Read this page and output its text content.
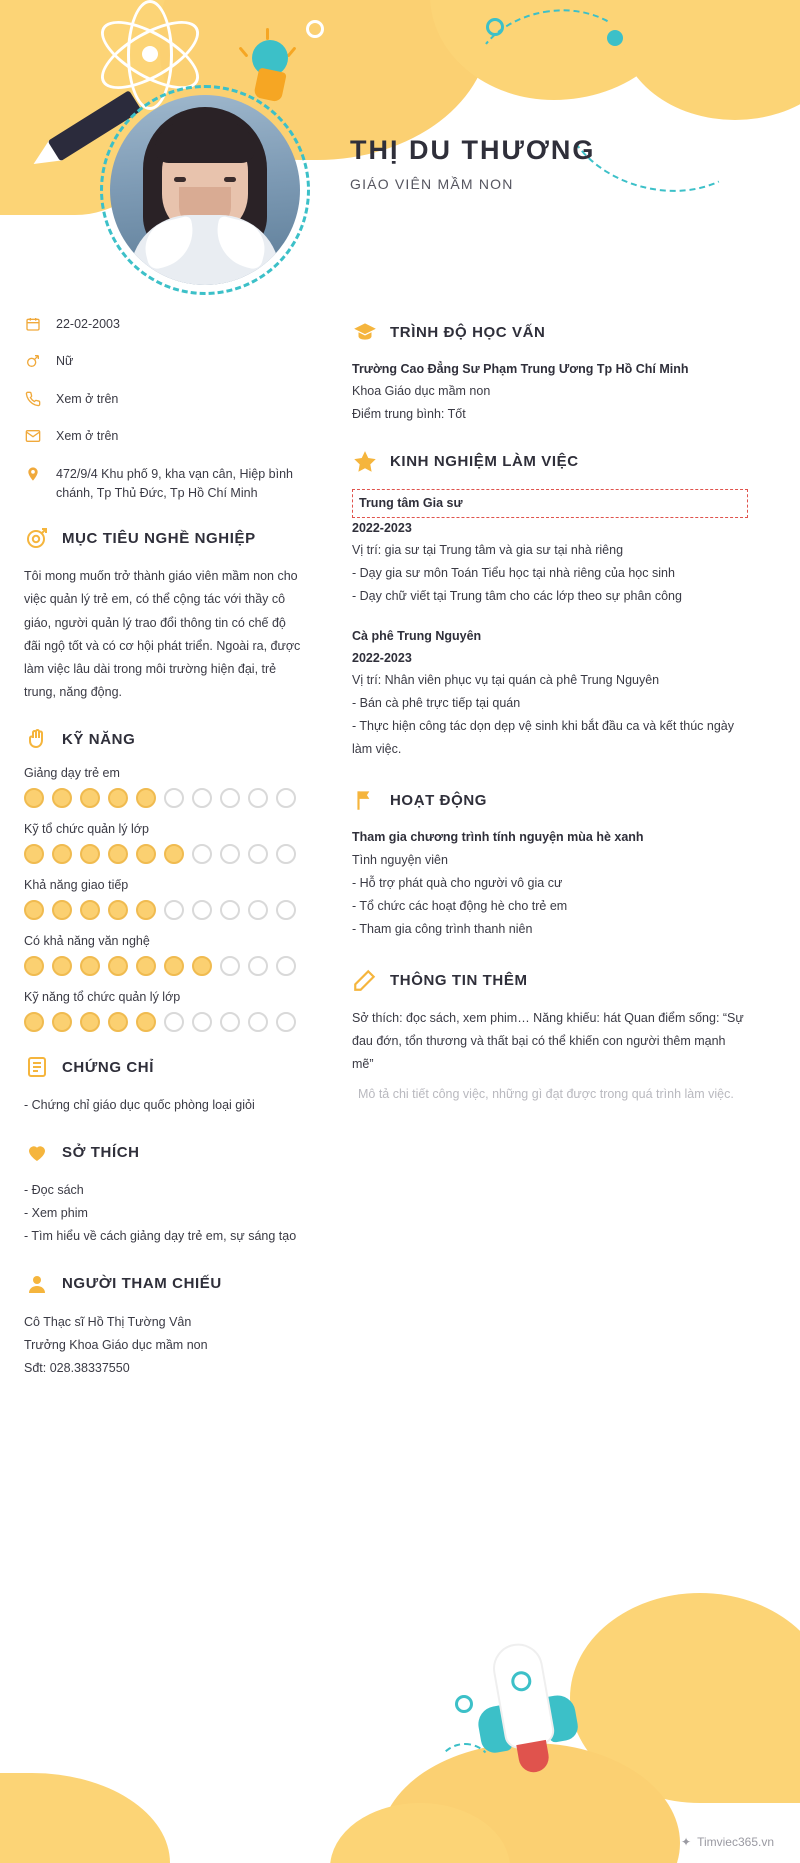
THỊ DU THƯƠNG
GIÁO VIÊN MẦM NON
22-02-2003
Nữ
Xem ở trên
Xem ở trên
472/9/4 Khu phố 9, kha vạn cân, Hiệp bình chánh, Tp Thủ Đức, Tp Hồ Chí Minh
MỤC TIÊU NGHỀ NGHIỆP
Tôi mong muốn trở thành giáo viên mầm non cho việc quản lý trẻ em, có thể cộng tác với thầy cô giáo, người quản lý trao đổi thông tin có chế độ đãi ngộ tốt và có cơ hội phát triển. Ngoài ra, được làm việc lâu dài trong môi trường hiện đại, trẻ trung, năng động.
KỸ NĂNG
Giảng dạy trẻ em
Kỹ tổ chức quản lý lớp
Khả năng giao tiếp
Có khả năng văn nghệ
Kỹ năng tổ chức quản lý lớp
CHỨNG CHỈ
- Chứng chỉ giáo dục quốc phòng loại giỏi
SỞ THÍCH
- Đọc sách
- Xem phim
- Tìm hiểu về cách giảng dạy trẻ em, sự sáng tạo
NGƯỜI THAM CHIẾU
Cô Thạc sĩ Hồ Thị Tường Vân
Trưởng Khoa Giáo dục mầm non
Sđt: 028.38337550
TRÌNH ĐỘ HỌC VẤN
Trường Cao Đẳng Sư Phạm Trung Ương Tp Hồ Chí Minh
Khoa Giáo dục mầm non
Điểm trung bình: Tốt
KINH NGHIỆM LÀM VIỆC
Trung tâm Gia sư
2022-2023
Vị trí: gia sư tại Trung tâm và gia sư tại nhà riêng
- Dạy gia sư môn Toán Tiểu học tại nhà riêng của học sinh
- Dạy chữ viết tại Trung tâm cho các lớp theo sự phân công
Cà phê Trung Nguyên
2022-2023
Vị trí: Nhân viên phục vụ tại quán cà phê Trung Nguyên
- Bán cà phê trực tiếp tại quán
- Thực hiện công tác dọn dẹp vệ sinh khi bắt đầu ca và kết thúc ngày làm việc.
HOẠT ĐỘNG
Tham gia chương trình tính nguyện mùa hè xanh
Tình nguyện viên
- Hỗ trợ phát quà cho người vô gia cư
- Tổ chức các hoạt động hè cho trẻ em
- Tham gia công trình thanh niên
THÔNG TIN THÊM
Sở thích: đọc sách, xem phim… Năng khiếu: hát Quan điểm sống: “Sự đau đớn, tổn thương và thất bại có thể khiến con người thêm mạnh mẽ”
Mô tả chi tiết công việc, những gì đạt được trong quá trình làm việc.
✦ Timviec365.vn
